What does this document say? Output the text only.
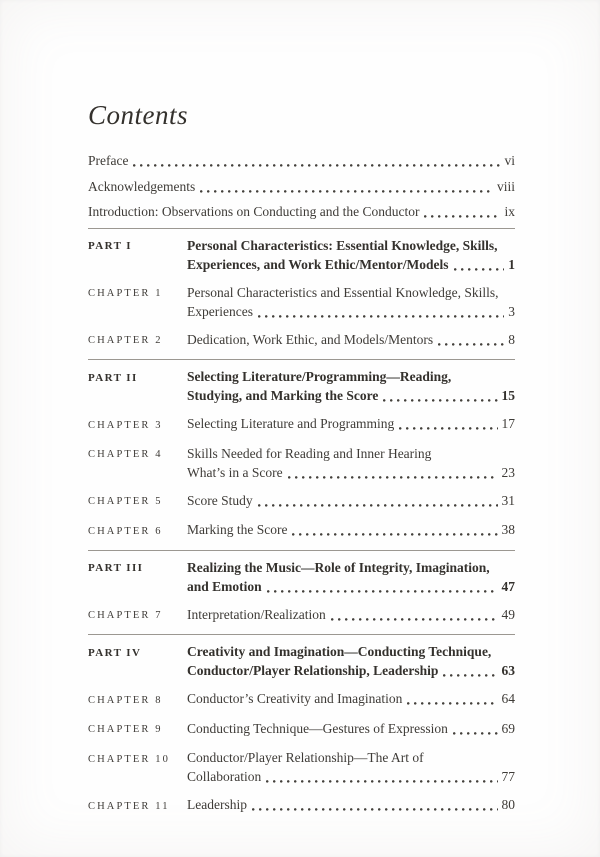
Contents
Preface	vi
Acknowledgements	viii
Introduction: Observations on Conducting and the Conductor	ix
PART I	Personal Characteristics: Essential Knowledge, Skills,
Experiences, and Work Ethic/Mentor/Models	1
CHAPTER 1	Personal Characteristics and Essential Knowledge, Skills,
Experiences	3
CHAPTER 2	Dedication, Work Ethic, and Models/Mentors	8
PART II	Selecting Literature/Programming—Reading,
Studying, and Marking the Score	15
CHAPTER 3	Selecting Literature and Programming	17
CHAPTER 4	Skills Needed for Reading and Inner Hearing
What’s in a Score	23
CHAPTER 5	Score Study	31
CHAPTER 6	Marking the Score	38
PART III	Realizing the Music—Role of Integrity, Imagination,
and Emotion	47
CHAPTER 7	Interpretation/Realization	49
PART IV	Creativity and Imagination—Conducting Technique,
Conductor/Player Relationship, Leadership	63
CHAPTER 8	Conductor’s Creativity and Imagination	64
CHAPTER 9	Conducting Technique—Gestures of Expression	69
CHAPTER 10	Conductor/Player Relationship—The Art of
Collaboration	77
CHAPTER 11	Leadership	80
